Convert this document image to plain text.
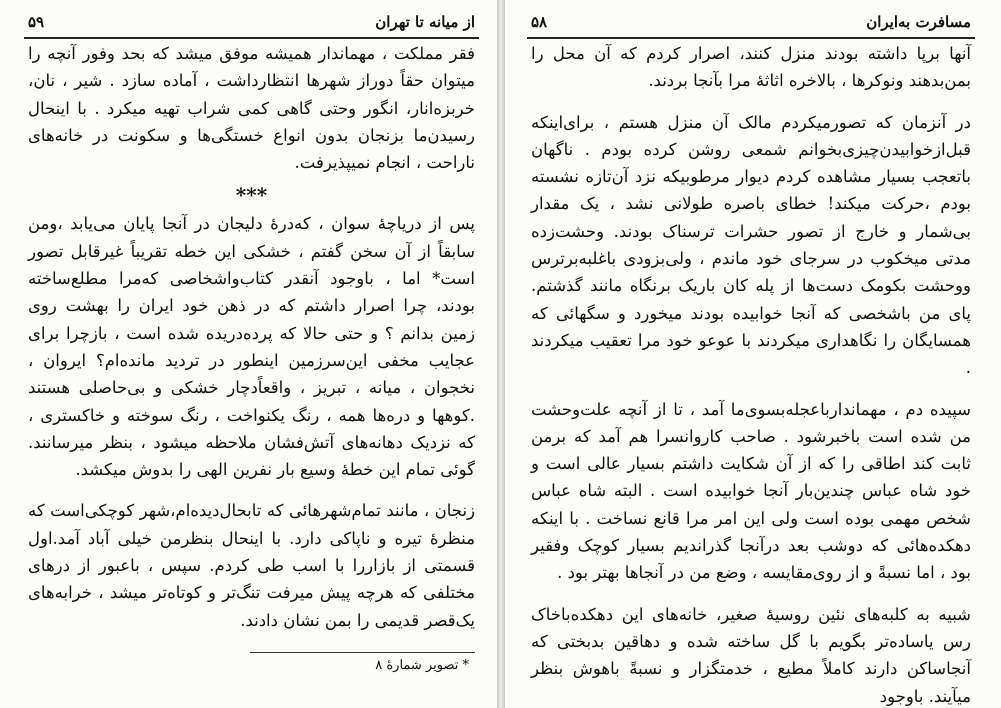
از میانه تا تهران
۵۹

فقر مملکت ، مهماندار همیشه موفق میشد که بحد وفور آنچه را میتوان حقاً دوراز شهرها انتظارداشت ، آماده سازد . شیر ، نان، خربزه‌انار، انگور وحتی گاهی کمی شراب تهیه میکرد . با اینحال رسیدن‌ما بزنجان بدون انواع خستگی‌ها و سکونت در خانه‌های ناراحت ، انجام نمیپذیرفت.

***

پس از دریاچهٔ سوان ، که‌درهٔ دلیجان در آنجا پایان می‌یابد ،ومن سابقاً از آن سخن گفتم ، خشکی این خطه تقریباً غیرقابل تصور است* اما ، باوجود آنقدر کتاب‌واشخاصی که‌مرا مطلع‌ساخته بودند، چرا اصرار داشتم که در ذهن خود ایران را بهشت روی زمین بدانم ؟ و حتی حالا که پرده‌دریده شده است ، بازچرا برای عجایب مخفی این‌سرزمین اینطور در تردید مانده‌ام؟ ایروان ، نخجوان ، میانه ، تبریز ، واقعاً‌دچار خشکی و بی‌حاصلی هستند .کوهها و دره‌ها همه ، رنگ یکنواخت ، رنگ سوخته و خاکستری ، که نزدیک دهانه‌های آتش‌فشان ملاحظه میشود ، بنظر میرسانند. گوئی تمام این خطهٔ وسیع بار نفرین الهی را بدوش میکشد.

زنجان ، مانند تمام‌شهرهائی که تابحال‌دیده‌ام،شهر کوچکی‌است که منظرهٔ تیره و ناپاکی دارد. با اینحال بنظرمن خیلی آباد آمد.اول قسمتی از بازاررا با اسب طی کردم. سپس ، باعبور از درهای مختلفی که هرچه پیش میرفت تنگ‌تر و کوتاه‌تر میشد ، خرابه‌های یک‌قصر قدیمی را بمن نشان دادند.

* تصویر شمارهٔ ۸
مسافرت به‌ایران
۵۸

آنها برپا داشته بودند منزل کنند، اصرار کردم که آن محل را بمن‌بدهند ونوکرها ، بالاخره اثاثهٔ مرا بآنجا بردند.

در آنزمان که تصورمیکردم مالک آن منزل هستم ، برای‌اینکه قبل‌ازخوابیدن‌چیزی‌بخوانم شمعی روشن کرده بودم . ناگهان باتعجب بسیار مشاهده کردم دیوار مرطوبیکه نزد آن‌تازه نشسته بودم ،حرکت میکند! خطای باصره طولانی نشد ، یک مقدار بی‌شمار و خارج از تصور حشرات ترسناک بودند. وحشت‌زده مدتی میخکوب در سرجای خود ماندم ، ولی‌بزودی باغلبه‌برترس ووحشت بکومک دست‌ها از پله کان باریک برنگاه مانند گذشتم. پای من باشخصی که آنجا خوابیده بودند میخورد و سگهائی که همسایگان را نگاهداری میکردند با عوعو خود مرا تعقیب میکردند .

سپیده دم ، مهماندارباعجله‌بسوی‌ما آمد ، تا از آنچه علت‌وحشت من شده است باخبرشود . صاحب کاروانسرا هم آمد که برمن ثابت کند اطاقی را که از آن شکایت داشتم بسیار عالی است و خود شاه عباس چندین‌بار آنجا خوابیده است . البته شاه عباس شخص مهمی بوده است ولی این امر مرا قانع نساخت . با اینکه دهکده‌هائی که دوشب بعد درآنجا گذراندیم بسیار کوچک وفقیر بود ، اما نسبةً و از روی‌مقایسه ، وضع من در آنجاها بهتر بود .

شبیه به کلبه‌های نئین روسیهٔ صغیر، خانه‌های این دهکده‌باخاک رس یاساده‌تر بگویم با گل ساخته شده و دهاقین بدبختی که آنجاساکن دارند کاملاً مطیع ، خدمتگزار و نسبةً باهوش بنظر میآیند. باوجود
